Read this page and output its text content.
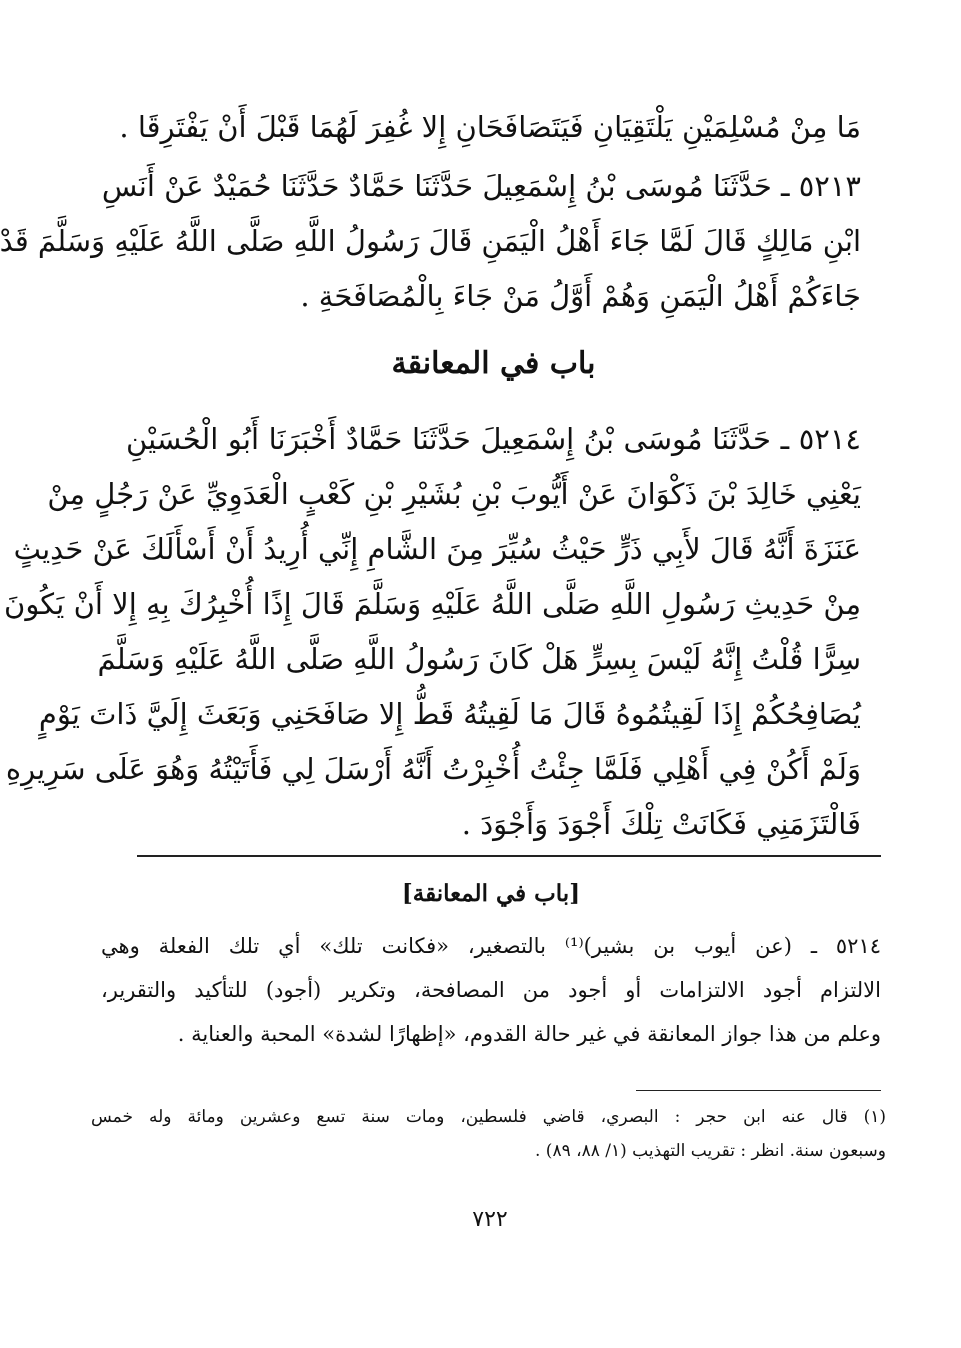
مَا مِنْ مُسْلِمَيْنِ يَلْتَقِيَانِ فَيَتَصَافَحَانِ إِلا غُفِرَ لَهُمَا قَبْلَ أَنْ يَفْتَرِقَا .
٥٢١٣ ـ حَدَّثَنَا مُوسَى بْنُ إِسْمَعِيلَ حَدَّثَنَا حَمَّادٌ حَدَّثَنَا حُمَيْدٌ عَنْ أَنَسِ
ابْنِ مَالِكٍ قَالَ لَمَّا جَاءَ أَهْلُ الْيَمَنِ قَالَ رَسُولُ اللَّهِ صَلَّى اللَّهُ عَلَيْهِ وَسَلَّمَ قَدْ
جَاءَكُمْ أَهْلُ الْيَمَنِ وَهُمْ أَوَّلُ مَنْ جَاءَ بِالْمُصَافَحَةِ .
باب في المعانقة
٥٢١٤ ـ حَدَّثَنَا مُوسَى بْنُ إِسْمَعِيلَ حَدَّثَنَا حَمَّادٌ أَخْبَرَنَا أَبُو الْحُسَيْنِ
يَعْنِي خَالِدَ بْنَ ذَكْوَانَ عَنْ أَيُّوبَ بْنِ بُشَيْرِ بْنِ كَعْبٍ الْعَدَوِيِّ عَنْ رَجُلٍ مِنْ
عَنَزَةَ أَنَّهُ قَالَ لأَبِي ذَرٍّ حَيْثُ سُيِّرَ مِنَ الشَّامِ إِنِّي أُرِيدُ أَنْ أَسْأَلَكَ عَنْ حَدِيثٍ
مِنْ حَدِيثِ رَسُولِ اللَّهِ صَلَّى اللَّهُ عَلَيْهِ وَسَلَّمَ قَالَ إِذًا أُخْبِرُكَ بِهِ إِلا أَنْ يَكُونَ
سِرًّا قُلْتُ إِنَّهُ لَيْسَ بِسِرٍّ هَلْ كَانَ رَسُولُ اللَّهِ صَلَّى اللَّهُ عَلَيْهِ وَسَلَّمَ
يُصَافِحُكُمْ إِذَا لَقِيتُمُوهُ قَالَ مَا لَقِيتُهُ قَطُّ إِلا صَافَحَنِي وَبَعَثَ إِلَيَّ ذَاتَ يَوْمٍ
وَلَمْ أَكُنْ فِي أَهْلِي فَلَمَّا جِئْتُ أُخْبِرْتُ أَنَّهُ أَرْسَلَ لِي فَأَتَيْتُهُ وَهُوَ عَلَى سَرِيرِهِ
فَالْتَزَمَنِي فَكَانَتْ تِلْكَ أَجْوَدَ وَأَجْوَدَ .
[باب في المعانقة]
٥٢١٤ ـ (عن أيوب بن بشير)⁽¹⁾ بالتصغير، «فكانت تلك» أي تلك الفعلة وهي
الالتزام أجود الالتزامات أو أجود من المصافحة، وتكرير (أجود) للتأكيد والتقرير،
وعلم من هذا جواز المعانقة في غير حالة القدوم، «إظهارًا لشدة» المحبة والعناية .
(١) قال عنه ابن حجر : البصري، قاضي فلسطين، ومات سنة تسع وعشرين ومائة وله خمس
وسبعون سنة. انظر : تقريب التهذيب (١/ ٨٨، ٨٩) .
٧٢٢
